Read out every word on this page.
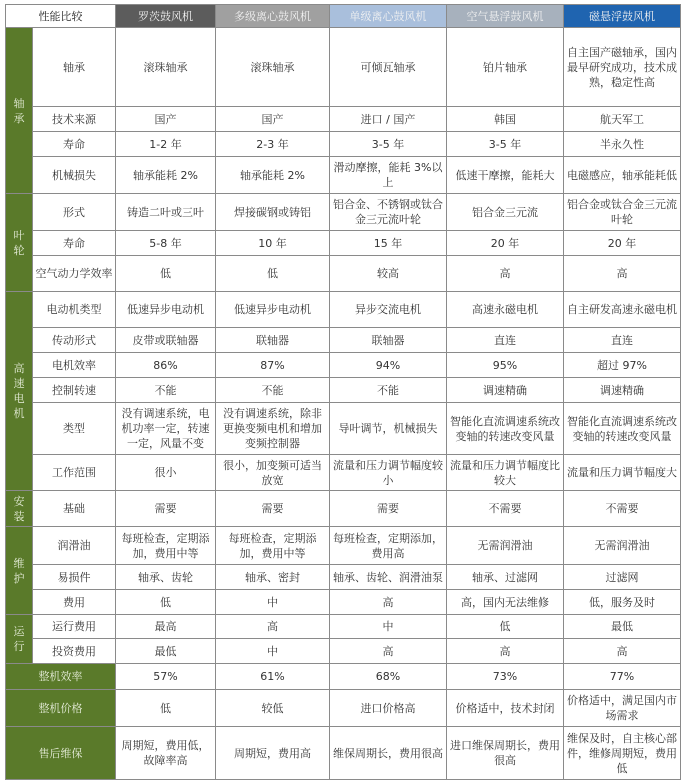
性能比较		罗茨鼓风机	多级离心鼓风机	单级离心鼓风机	空气悬浮鼓风机	磁悬浮鼓风机
轴承	轴承	滚珠轴承	滚珠轴承	可倾瓦轴承	铂片轴承	自主国产磁轴承，国内最早研究成功，技术成熟，稳定性高
	技术来源	国产	国产	进口 / 国产	韩国	航天军工
	寿命	1-2 年	2-3 年	3-5 年	3-5 年	半永久性
	机械损失	轴承能耗 2%	轴承能耗 2%	滑动摩擦，能耗 3%以上	低速干摩擦，能耗大	电磁感应，轴承能耗低
叶轮	形式	铸造二叶或三叶	焊接碳钢或铸铝	铝合金、不锈钢或钛合金三元流叶轮	铝合金三元流	铝合金或钛合金三元流叶轮
	寿命	5-8 年	10 年	15 年	20 年	20 年
	空气动力学效率	低	低	较高	高	高
高速电机	电动机类型	低速异步电动机	低速异步电动机	异步交流电机	高速永磁电机	自主研发高速永磁电机
	传动形式	皮带或联轴器	联轴器	联轴器	直连	直连
	电机效率	86%	87%	94%	95%	超过 97%
	控制转速	不能	不能	不能	调速精确	调速精确
	类型	没有调速系统，电机功率一定，转速一定，风量不变	没有调速系统，除非更换变频电机和增加变频控制器	导叶调节，机械损失	智能化直流调速系统改变轴的转速改变风量	智能化直流调速系统改变轴的转速改变风量
	工作范围	很小	很小，加变频可适当放宽	流量和压力调节幅度较小	流量和压力调节幅度比较大	流量和压力调节幅度大
安装	基础	需要	需要	需要	不需要	不需要
维护	润滑油	每班检查，定期添加，费用中等	每班检查，定期添加，费用中等	每班检查，定期添加，费用高	无需润滑油	无需润滑油
	易损件	轴承、齿轮	轴承、密封	轴承、齿轮、润滑油泵	轴承、过滤网	过滤网
	费用	低	中	高	高，国内无法维修	低，服务及时
运行	运行费用	最高	高	中	低	最低
	投资费用	最低	中	高	高	高
整机效率		57%	61%	68%	73%	77%
整机价格		低	较低	进口价格高	价格适中，技术封闭	价格适中，满足国内市场需求
售后维保		周期短，费用低，故障率高	周期短，费用高	维保周期长，费用很高	进口维保周期长，费用很高	维保及时，自主核心部件，维修周期短，费用低
